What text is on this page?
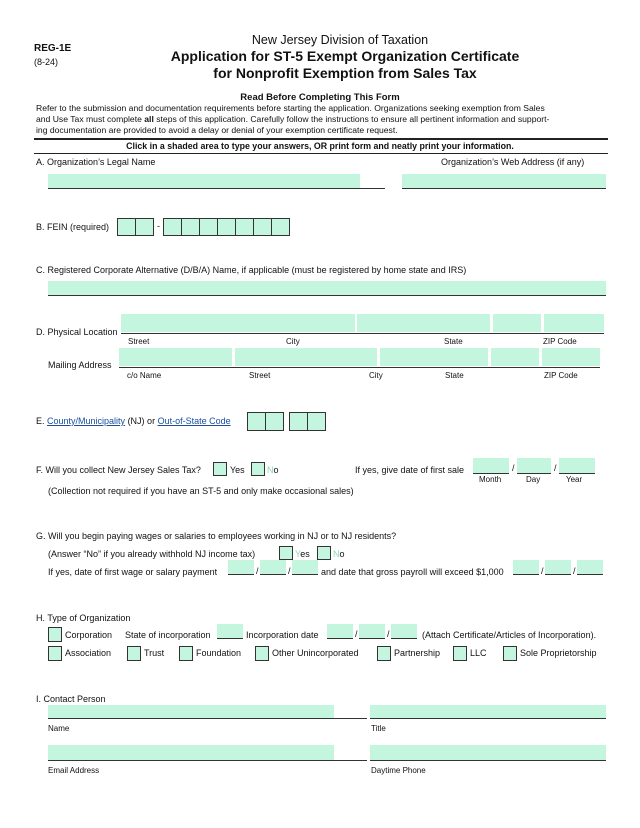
REG-1E
(8-24)
New Jersey Division of Taxation
Application for ST-5 Exempt Organization Certificate
for Nonprofit Exemption from Sales Tax
Read Before Completing This Form
Refer to the submission and documentation requirements before starting the application. Organizations seeking exemption from Sales
and Use Tax must complete all steps of this application. Carefully follow the instructions to ensure all pertinent information and support-
ing documentation are provided to avoid a delay or denial of your exemption certificate request.
Click in a shaded area to type your answers, OR print form and neatly print your information.
A. Organization’s Legal Name	Organization’s Web Address (if any)
B. FEIN (required)	-
C. Registered Corporate Alternative (D/B/A) Name, if applicable (must be registered by home state and IRS)
D. Physical Location
Street	City	State	ZIP Code
Mailing Address
c/o Name	Street	City	State	ZIP Code
E. County/Municipality (NJ) or Out-of-State Code
F. Will you collect New Jersey Sales Tax?	Yes No	If yes, give date of first sale	/	/
Month	Day	Year
(Collection not required if you have an ST-5 and only make occasional sales)
G. Will you begin paying wages or salaries to employees working in NJ or to NJ residents?
(Answer “No” if you already withhold NJ income tax)	Yes	No
If yes, date of first wage or salary payment	/	/	and date that gross payroll will exceed $1,000	/	/
H. Type of Organization
Corporation State of incorporation	Incorporation date	/	/	(Attach Certificate/Articles of Incorporation).
Association	Trust	Foundation	Other Unincorporated	Partnership	LLC	Sole Proprietorship
I. Contact Person
Name	Title
Email Address	Daytime Phone
